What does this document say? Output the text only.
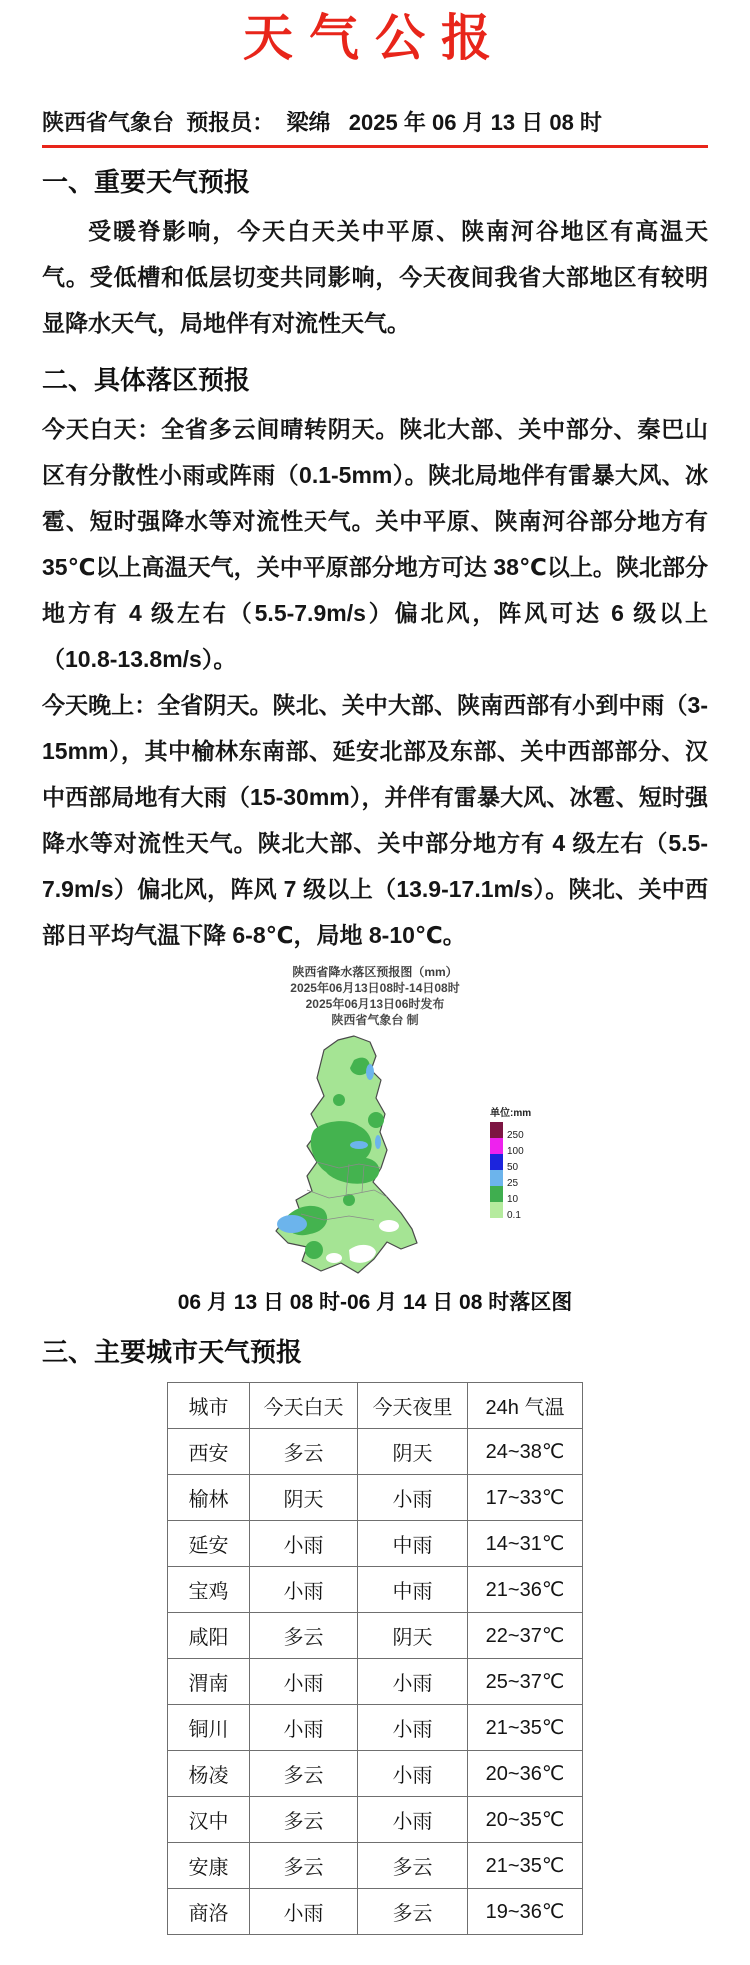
天气公报
陕西省气象台  预报员：  梁绵   2025 年 06 月 13 日 08 时
一、重要天气预报

受暖脊影响，今天白天关中平原、陕南河谷地区有高温天气。受低槽和低层切变共同影响，今天夜间我省大部地区有较明显降水天气，局地伴有对流性天气。

二、具体落区预报

今天白天：全省多云间晴转阴天。陕北大部、关中部分、秦巴山区有分散性小雨或阵雨（0.1-5mm）。陕北局地伴有雷暴大风、冰雹、短时强降水等对流性天气。关中平原、陕南河谷部分地方有 35℃以上高温天气，关中平原部分地方可达 38℃以上。陕北部分地方有 4 级左右（5.5-7.9m/s）偏北风，阵风可达 6 级以上（10.8-13.8m/s）。

今天晚上：全省阴天。陕北、关中大部、陕南西部有小到中雨（3-15mm），其中榆林东南部、延安北部及东部、关中西部部分、汉中西部局地有大雨（15-30mm），并伴有雷暴大风、冰雹、短时强降水等对流性天气。陕北大部、关中部分地方有 4 级左右（5.5-7.9m/s）偏北风，阵风 7 级以上（13.9-17.1m/s）。陕北、关中西部日平均气温下降 6-8℃，局地 8-10℃。

陕西省降水落区预报图（mm）
2025年06月13日08时-14日08时
2025年06月13日06时发布
陕西省气象台 制
单位:mm
250
100
50
25
10
0.1
06 月 13 日 08 时-06 月 14 日 08 时落区图
三、主要城市天气预报
城市	今天白天	今天夜里	24h 气温
西安	多云	阴天	24~38℃
榆林	阴天	小雨	17~33℃
延安	小雨	中雨	14~31℃
宝鸡	小雨	中雨	21~36℃
咸阳	多云	阴天	22~37℃
渭南	小雨	小雨	25~37℃
铜川	小雨	小雨	21~35℃
杨凌	多云	小雨	20~36℃
汉中	多云	小雨	20~35℃
安康	多云	多云	21~35℃
商洛	小雨	多云	19~36℃
